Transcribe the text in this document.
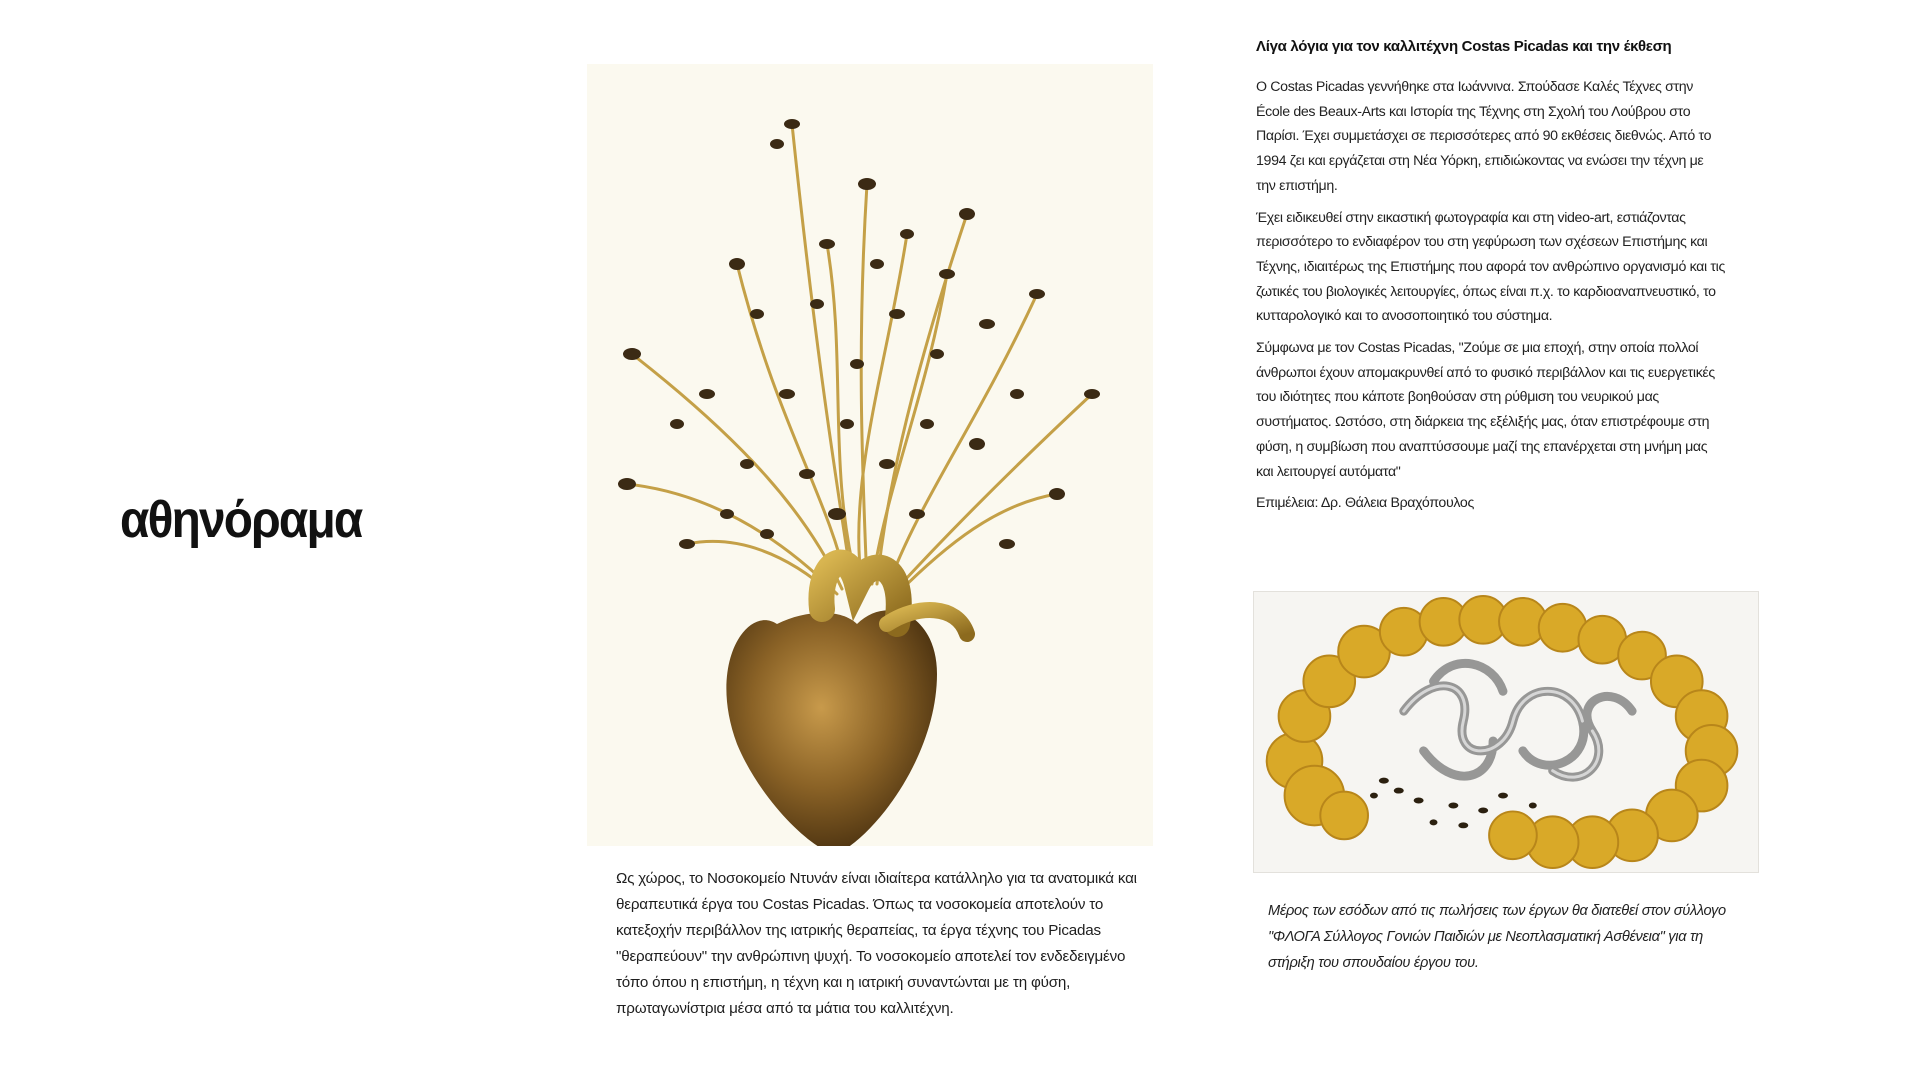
αθηνόραμα
Ως χώρος, το Νοσοκομείο Ντυνάν είναι ιδιαίτερα κατάλληλο για τα ανατομικά και θεραπευτικά έργα του Costas Picadas. Όπως τα νοσοκομεία αποτελούν το κατεξοχήν περιβάλλον της ιατρικής θεραπείας, τα έργα τέχνης του Picadas "θεραπεύουν" την ανθρώπινη ψυχή. Το νοσοκομείο αποτελεί τον ενδεδειγμένο τόπο όπου η επιστήμη, η τέχνη και η ιατρική συναντώνται με τη φύση, πρωταγωνίστρια μέσα από τα μάτια του καλλιτέχνη.
Λίγα λόγια για τον καλλιτέχνη Costas Picadas και την έκθεση

Ο Costas Picadas γεννήθηκε στα Ιωάννινα. Σπούδασε Καλές Τέχνες στην École des Beaux-Arts και Ιστορία της Τέχνης στη Σχολή του Λούβρου στο Παρίσι. Έχει συμμετάσχει σε περισσότερες από 90 εκθέσεις διεθνώς. Από το 1994 ζει και εργάζεται στη Νέα Υόρκη, επιδιώκοντας να ενώσει την τέχνη με την επιστήμη.

Έχει ειδικευθεί στην εικαστική φωτογραφία και στη video-art, εστιάζοντας περισσότερο το ενδιαφέρον του στη γεφύρωση των σχέσεων Επιστήμης και Τέχνης, ιδιαιτέρως της Επιστήμης που αφορά τον ανθρώπινο οργανισμό και τις ζωτικές του βιολογικές λειτουργίες, όπως είναι π.χ. το καρδιοαναπνευστικό, το κυτταρολογικό και το ανοσοποιητικό του σύστημα.

Σύμφωνα με τον Costas Picadas, "Ζούμε σε μια εποχή, στην οποία πολλοί άνθρωποι έχουν απομακρυνθεί από το φυσικό περιβάλλον και τις ευεργετικές του ιδιότητες που κάποτε βοηθούσαν στη ρύθμιση του νευρικού μας συστήματος. Ωστόσο, στη διάρκεια της εξέλιξής μας, όταν επιστρέφουμε στη φύση, η συμβίωση που αναπτύσσουμε μαζί της επανέρχεται στη μνήμη μας και λειτουργεί αυτόματα"

Επιμέλεια: Δρ. Θάλεια Βραχόπουλος

Μέρος των εσόδων από τις πωλήσεις των έργων θα διατεθεί στον σύλλογο "ΦΛΟΓΑ Σύλλογος Γονιών Παιδιών με Νεοπλασματική Ασθένεια" για τη στήριξη του σπουδαίου έργου του.
